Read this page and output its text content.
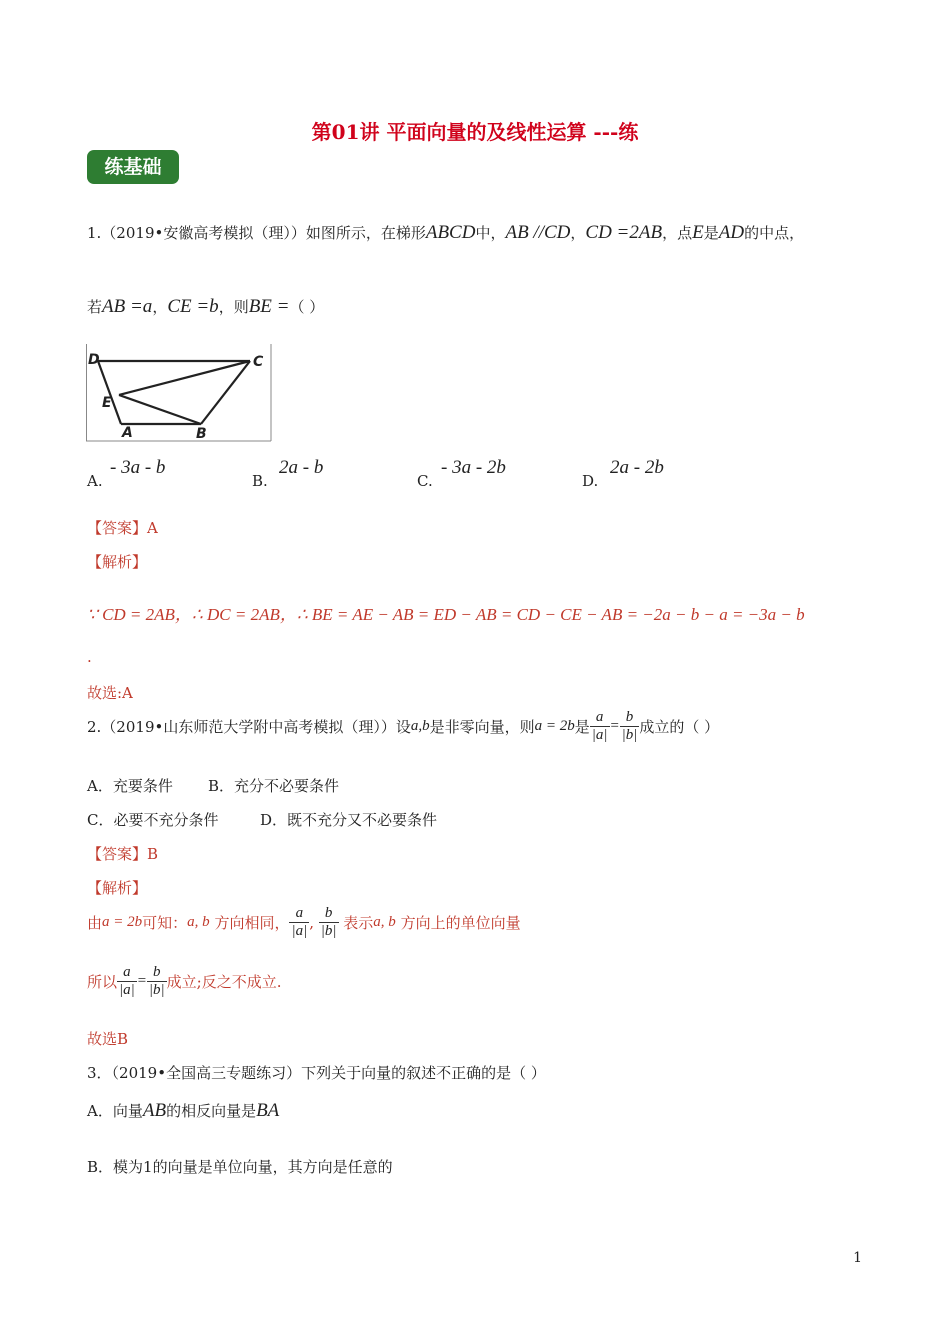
第01讲 平面向量的及线性运算 ---练
练基础
1.（2019•安徽高考模拟（理））如图所示，在梯形ABCD中，AB //CD，CD =2AB，点E是AD的中点，
若AB =a，CE =b，则BE =（ ）
D	C
E
A	B
A.
- 3a - b
B.
2a - b
C.
- 3a - 2b
D.
2a - 2b
【答案】A
【解析】
∵ CD = 2AB，∴ DC = 2AB，∴ BE = AE − AB = ED − AB = CD − CE − AB = −2a − b − a = −3a − b
.
故选:A
2.（2019•山东师范大学附中高考模拟（理））设a,b是非零向量，则a = 2b是 $\frac{a}{|a|} = \frac{b}{|b|}$ 成立的（ ）
A．充要条件 B．充分不必要条件
C．必要不充分条件	D．既不充分又不必要条件
【答案】B
【解析】
由a = 2b可知：a, b 方向相同， $\frac{a}{|a|}$ , $\frac{b}{|b|}$ 表示a, b 方向上的单位向量
所以 $\frac{a}{|a|} = \frac{b}{|b|}$ 成立;反之不成立.
故选B
3．（2019•全国高三专题练习）下列关于向量的叙述不正确的是（ ）
A．向量AB的相反向量是BA
B．模为1的向量是单位向量，其方向是任意的
1
